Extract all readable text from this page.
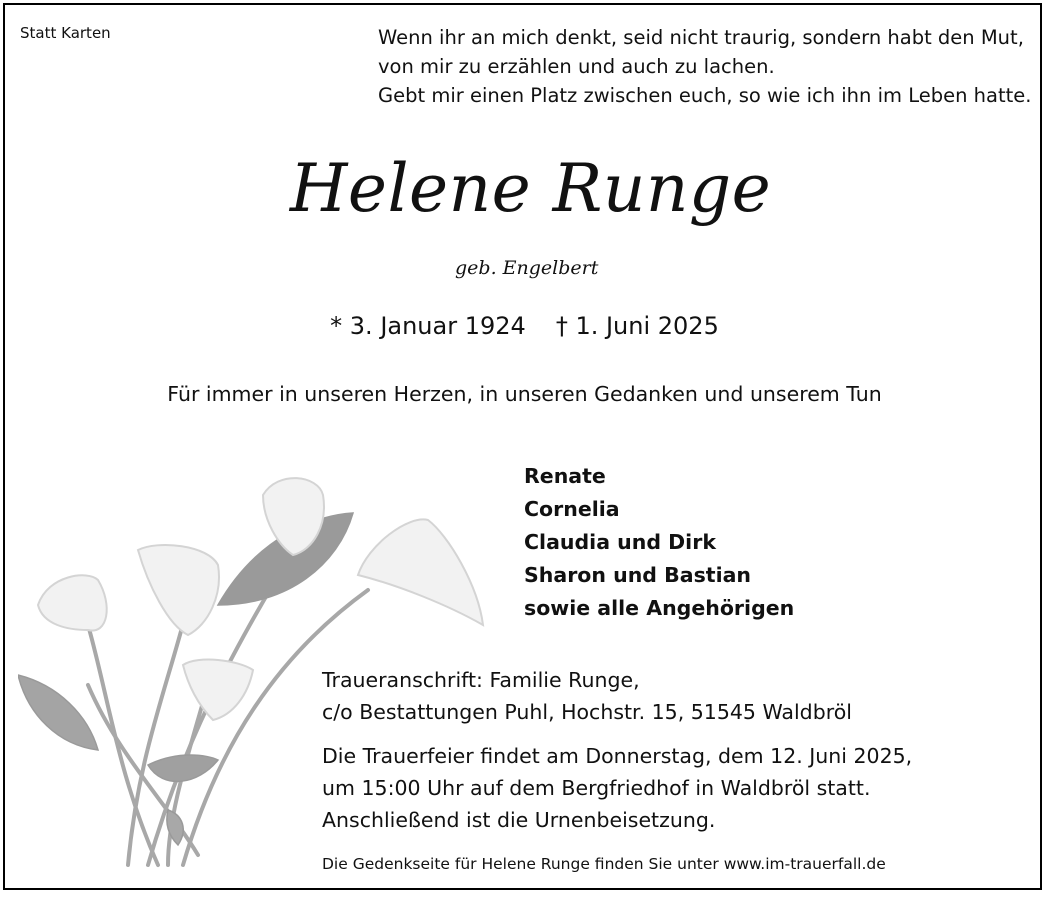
Statt Karten	Wenn ihr an mich denkt, seid nicht traurig, sondern habt den Mut,
von mir zu erzählen und auch zu lachen.
Gebt mir einen Platz zwischen euch, so wie ich ihn im Leben hatte.
Helene Runge
geb. Engelbert
* 3. Januar 1924 † 1. Juni 2025
Für immer in unseren Herzen, in unseren Gedanken und unserem Tun
Renate
Cornelia
Claudia und Dirk
Sharon und Bastian
sowie alle Angehörigen
Traueranschrift: Familie Runge,
c/o Bestattungen Puhl, Hochstr. 15, 51545 Waldbröl
Die Trauerfeier findet am Donnerstag, dem 12. Juni 2025,
um 15:00 Uhr auf dem Bergfriedhof in Waldbröl statt.
Anschließend ist die Urnenbeisetzung.
Die Gedenkseite für Helene Runge finden Sie unter www.im-trauerfall.de
